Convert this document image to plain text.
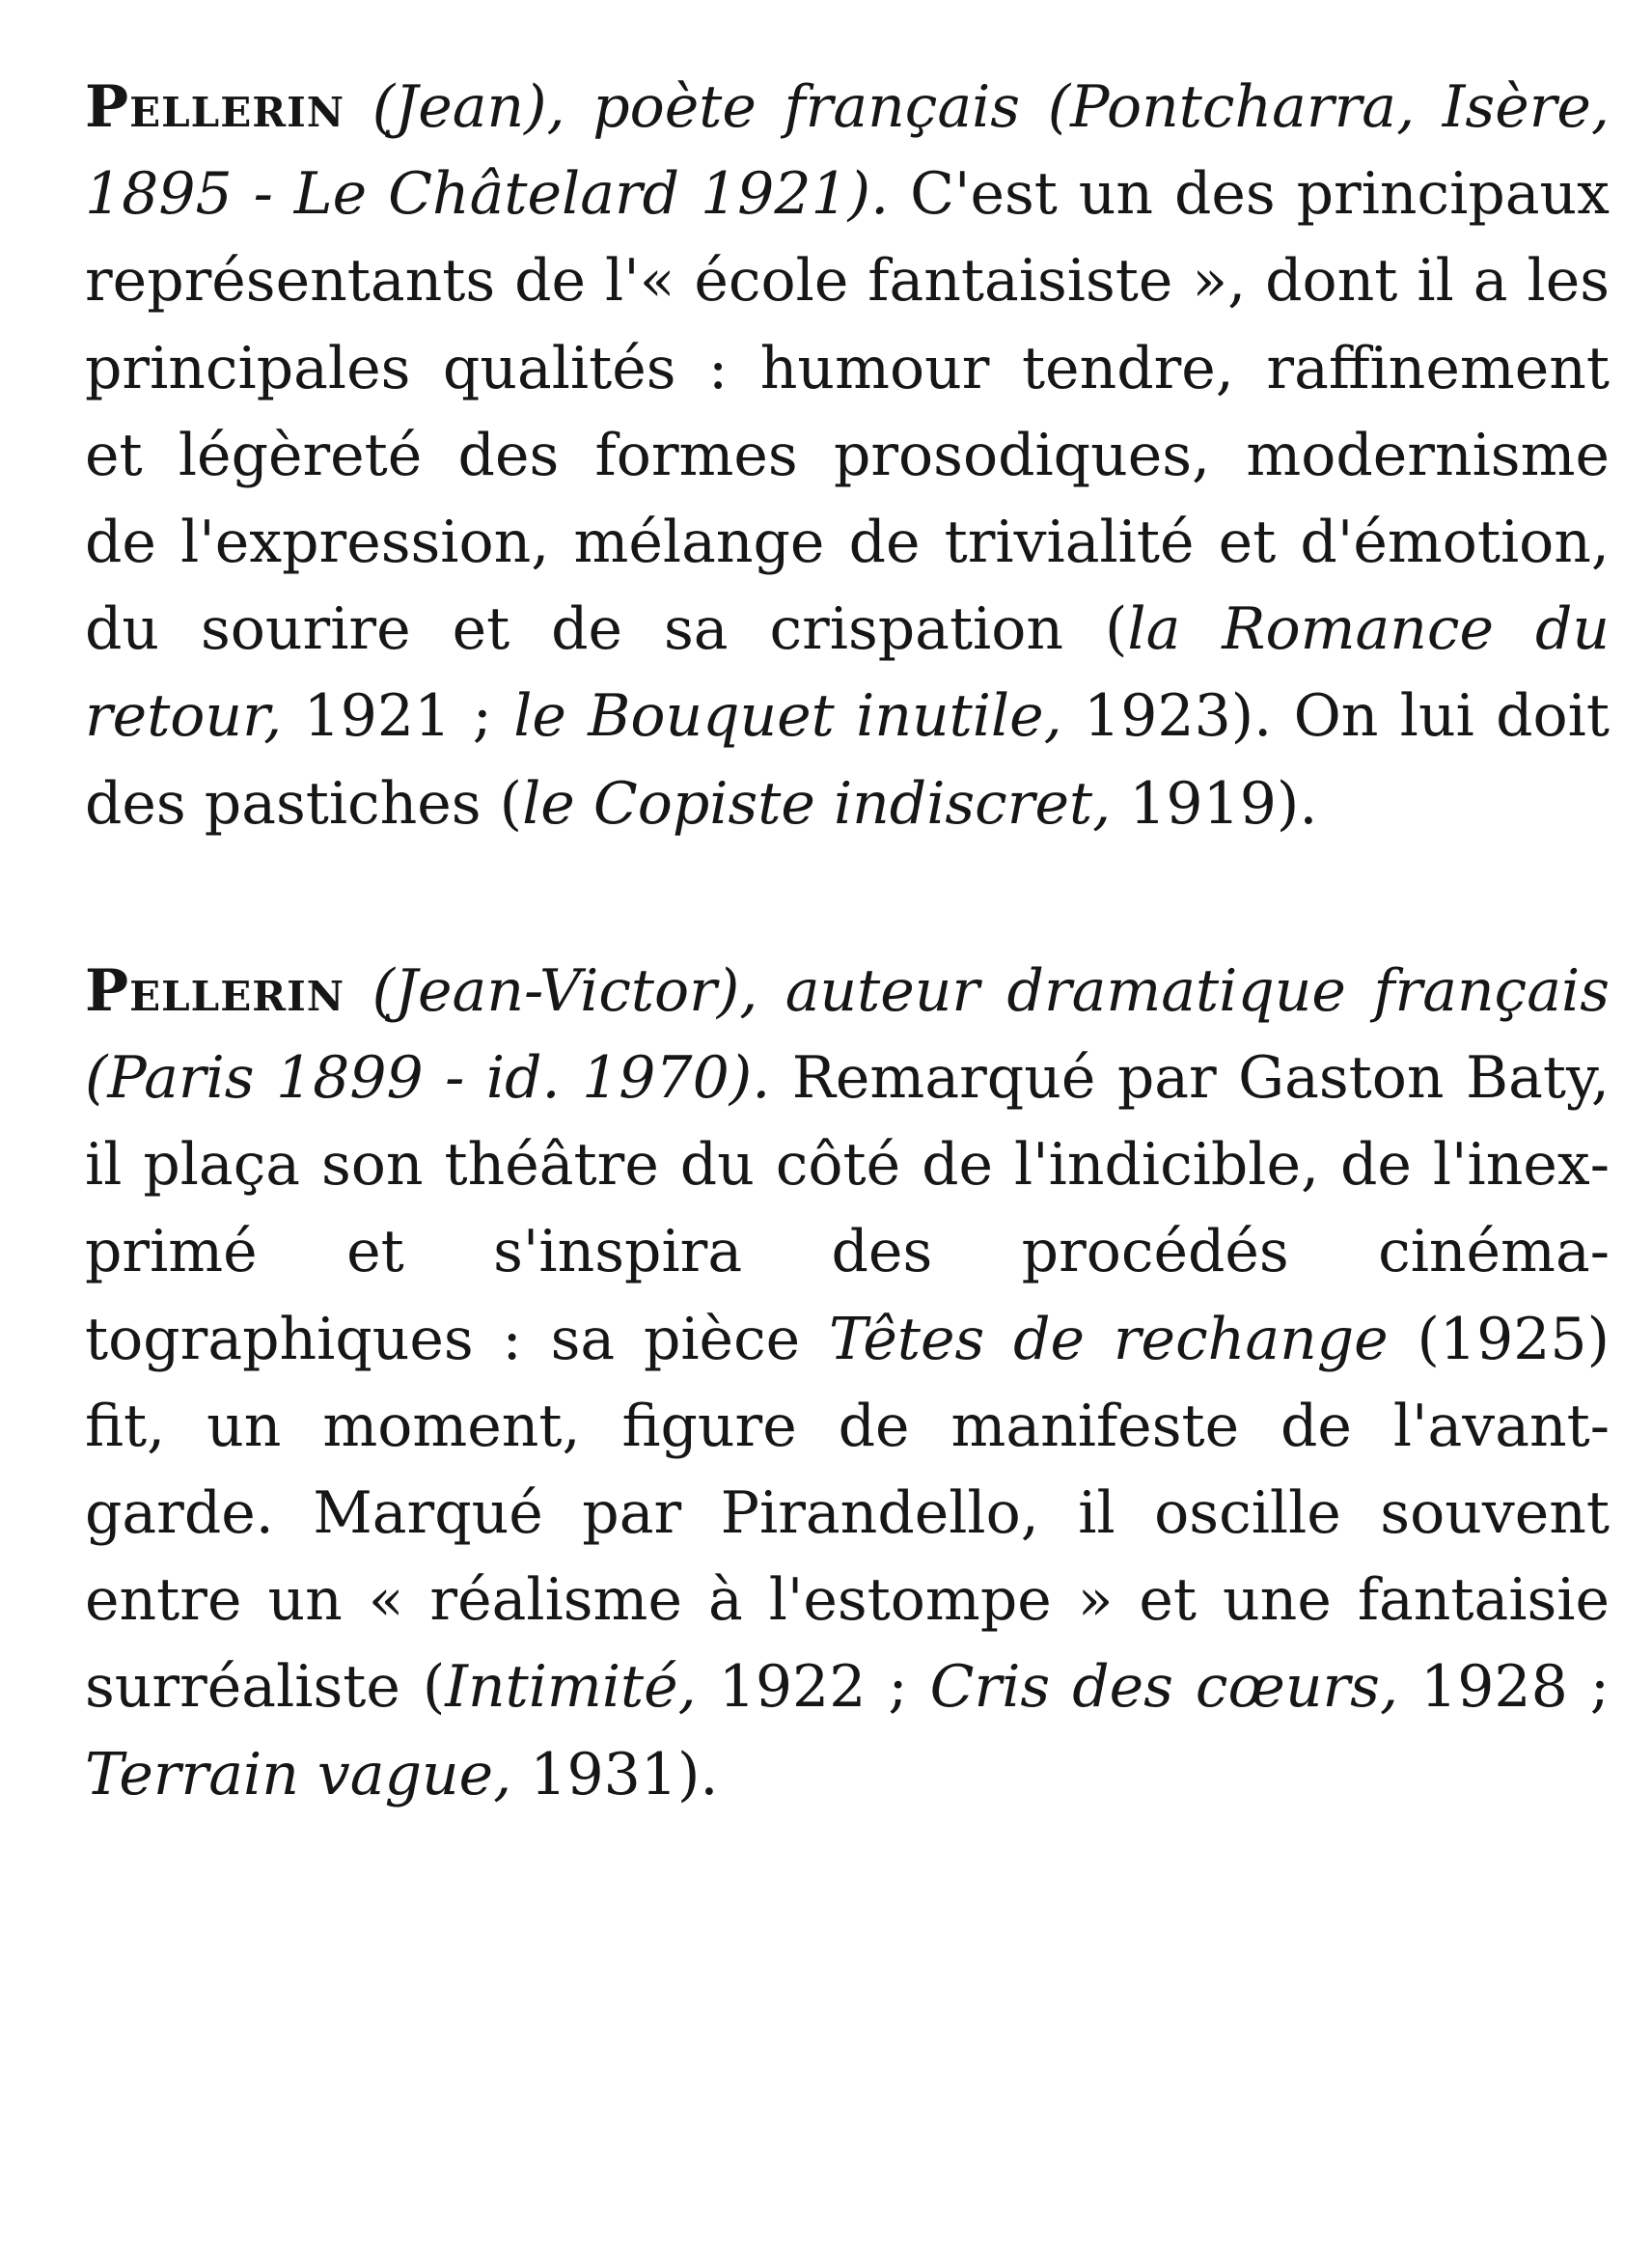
Pellerin (Jean), poète français (Pontcharra, Isère, 1895 - Le Châtelard 1921). C'est un des principaux représentants de l'« école fantaisiste », dont il a les principales qualités : humour tendre, raffinement et légèreté des formes prosodiques, modernisme de l'expression, mélange de trivialité et d'émotion, du sourire et de sa crispation (la Romance du retour, 1921 ; le Bouquet inutile, 1923). On lui doit des pastiches (le Copiste indiscret, 1919).

Pellerin (Jean-Victor), auteur dramatique français (Paris 1899 - id. 1970). Remarqué par Gaston Baty, il plaça son théâtre du côté de l'indicible, de l'inexprimé et s'inspira des procédés cinématographiques : sa pièce Têtes de rechange (1925) fit, un moment, figure de manifeste de l'avant-garde. Marqué par Pirandello, il oscille souvent entre un « réalisme à l'estompe » et une fantaisie surréaliste (Intimité, 1922 ; Cris des cœurs, 1928 ; Terrain vague, 1931).
